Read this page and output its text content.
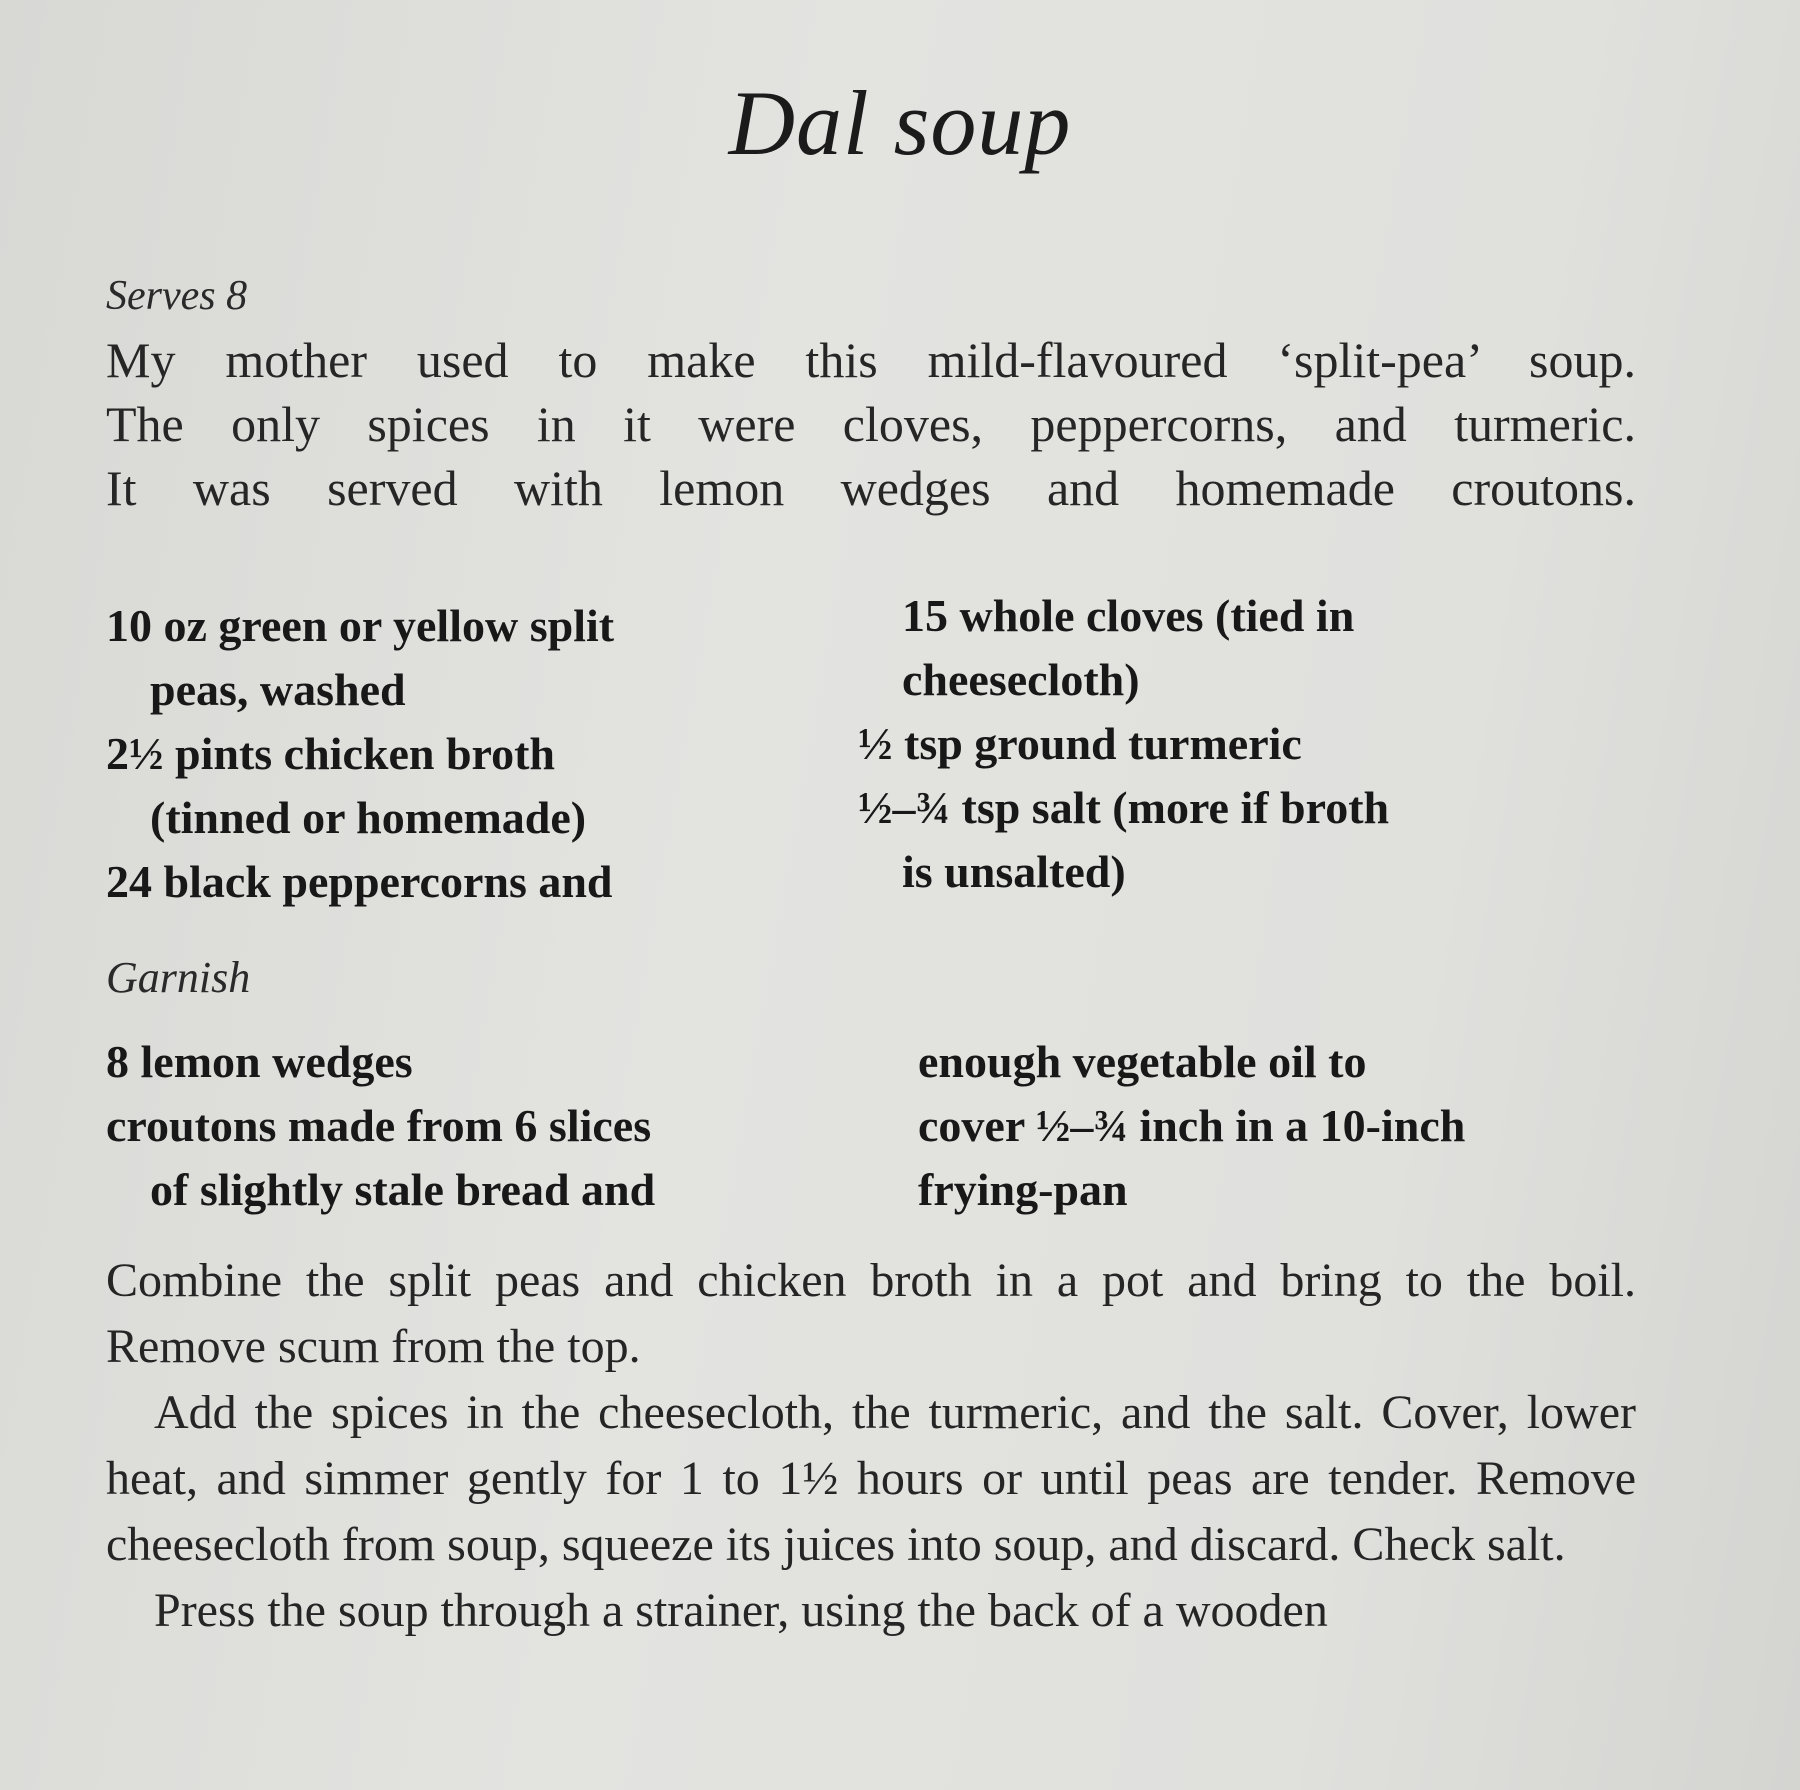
Dal soup
Serves 8
My mother used to make this mild-flavoured ‘split-pea’ soup.
The only spices in it were cloves, peppercorns, and turmeric.
It was served with lemon wedges and homemade croutons.
10 oz green or yellow split
peas, washed
2½ pints chicken broth
(tinned or homemade)
24 black peppercorns and
15 whole cloves (tied in
cheesecloth)
½ tsp ground turmeric
½–¾ tsp salt (more if broth
is unsalted)
Garnish
8 lemon wedges
croutons made from 6 slices
of slightly stale bread and
enough vegetable oil to
cover ½–¾ inch in a 10-inch
frying-pan

Combine the split peas and chicken broth in a pot and bring to the boil. Remove scum from the top.

Add the spices in the cheesecloth, the turmeric, and the salt. Cover, lower heat, and simmer gently for 1 to 1½ hours or until peas are tender. Remove cheesecloth from soup, squeeze its juices into soup, and discard. Check salt.

Press the soup through a strainer, using the back of a wooden
